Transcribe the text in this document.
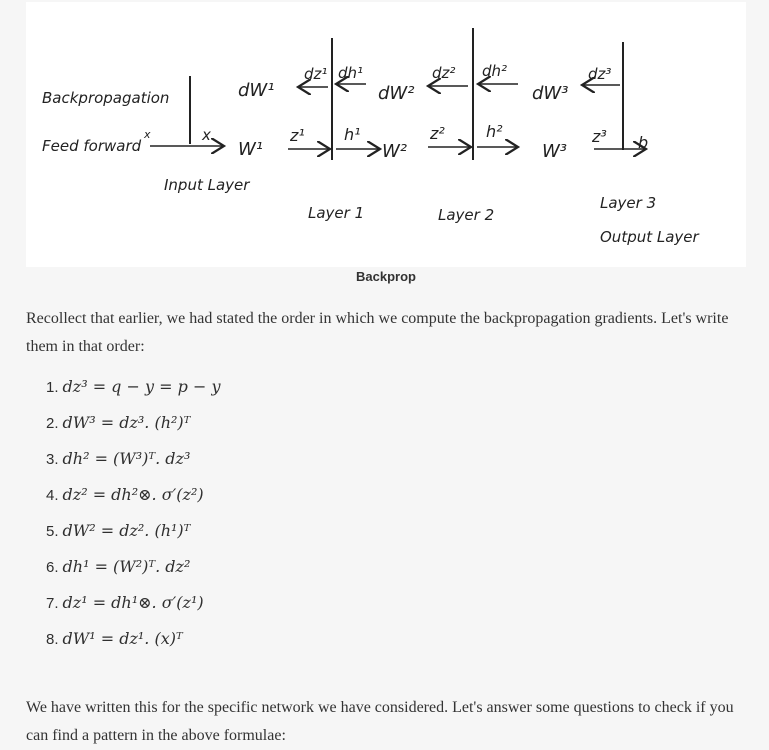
Backpropagation
Feed forward
x	x
W¹
z¹ h¹
W²
z²	h²
W³
z³ b
dW¹
dz¹ dh¹
dW²
dz² dh²
dW³
dz³
Input Layer
Layer 1	Layer 2
Layer 3
Output Layer
Backprop
Recollect that earlier, we had stated the order in which we compute the backpropagation gradients. Let's write them in that order:
1. dz³ = q − y = p − y
2. dW³ = dz³. (h²)ᵀ
3. dh² = (W³)ᵀ. dz³
4. dz² = dh²⊗. σ′(z²)
5. dW² = dz². (h¹)ᵀ
6. dh¹ = (W²)ᵀ. dz²
7. dz¹ = dh¹⊗. σ′(z¹)
8. dW¹ = dz¹. (x)ᵀ
We have written this for the specific network we have considered. Let's answer some questions to check if you can find a pattern in the above formulae:
